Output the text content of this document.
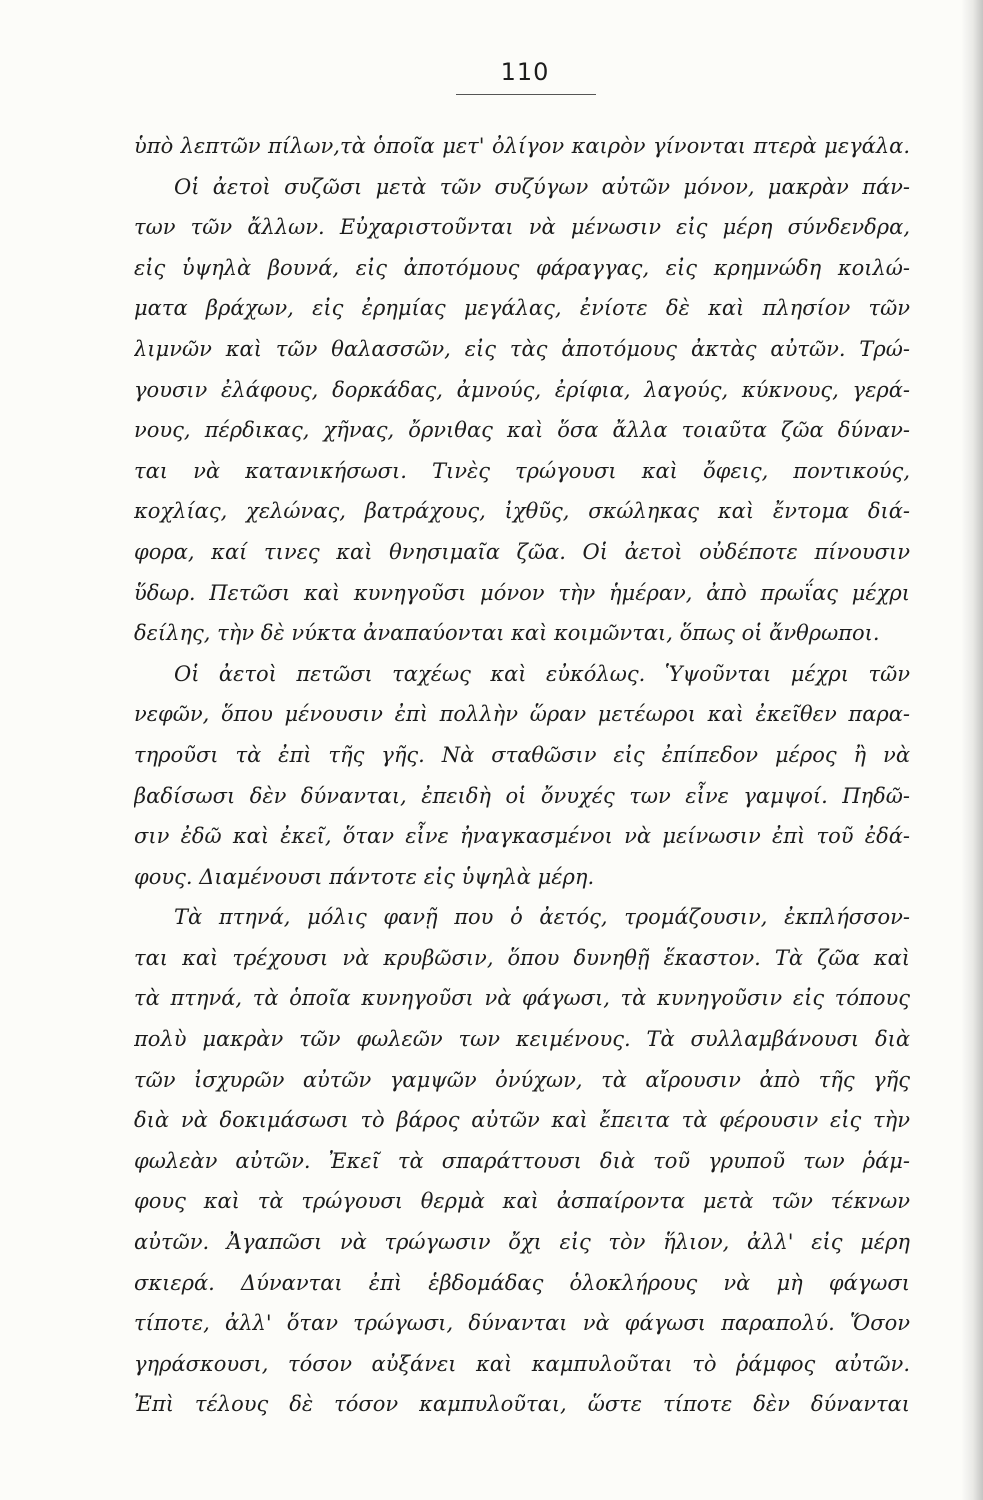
110
ὑπὸ λεπτῶν πίλων,τὰ ὁποῖα μετ' ὀλίγον καιρὸν γίνονται πτερὰ μεγάλα.
Οἱ ἀετοὶ συζῶσι μετὰ τῶν συζύγων αὐτῶν μόνον, μακρὰν πάν-
των τῶν ἄλλων. Εὐχαριστοῦνται νὰ μένωσιν εἰς μέρη σύνδενδρα,
εἰς ὑψηλὰ βουνά, εἰς ἀποτόμους φάραγγας, εἰς κρημνώδη κοιλώ-
ματα βράχων, εἰς ἐρημίας μεγάλας, ἐνίοτε δὲ καὶ πλησίον τῶν
λιμνῶν καὶ τῶν θαλασσῶν, εἰς τὰς ἀποτόμους ἀκτὰς αὐτῶν. Τρώ-
γουσιν ἐλάφους, δορκάδας, ἀμνούς, ἐρίφια, λαγούς, κύκνους, γερά-
νους, πέρδικας, χῆνας, ὄρνιθας καὶ ὅσα ἄλλα τοιαῦτα ζῶα δύναν-
ται νὰ κατανικήσωσι. Τινὲς τρώγουσι καὶ ὄφεις, ποντικούς,
κοχλίας, χελώνας, βατράχους, ἰχθῦς, σκώληκας καὶ ἔντομα διά-
φορα, καί τινες καὶ θνησιμαῖα ζῶα. Οἱ ἀετοὶ οὐδέποτε πίνουσιν
ὕδωρ. Πετῶσι καὶ κυνηγοῦσι μόνον τὴν ἡμέραν, ἀπὸ πρωΐας μέχρι
δείλης, τὴν δὲ νύκτα ἀναπαύονται καὶ κοιμῶνται, ὅπως οἱ ἄνθρωποι.
Οἱ ἀετοὶ πετῶσι ταχέως καὶ εὐκόλως. Ὑψοῦνται μέχρι τῶν
νεφῶν, ὅπου μένουσιν ἐπὶ πολλὴν ὥραν μετέωροι καὶ ἐκεῖθεν παρα-
τηροῦσι τὰ ἐπὶ τῆς γῆς. Νὰ σταθῶσιν εἰς ἐπίπεδον μέρος ἢ νὰ
βαδίσωσι δὲν δύνανται, ἐπειδὴ οἱ ὄνυχές των εἶνε γαμψοί. Πηδῶ-
σιν ἐδῶ καὶ ἐκεῖ, ὅταν εἶνε ἠναγκασμένοι νὰ μείνωσιν ἐπὶ τοῦ ἐδά-
φους. Διαμένουσι πάντοτε εἰς ὑψηλὰ μέρη.
Τὰ πτηνά, μόλις φανῇ που ὁ ἀετός, τρομάζουσιν, ἐκπλήσσον-
ται καὶ τρέχουσι νὰ κρυβῶσιν, ὅπου δυνηθῇ ἕκαστον. Τὰ ζῶα καὶ
τὰ πτηνά, τὰ ὁποῖα κυνηγοῦσι νὰ φάγωσι, τὰ κυνηγοῦσιν εἰς τόπους
πολὺ μακρὰν τῶν φωλεῶν των κειμένους. Τὰ συλλαμβάνουσι διὰ
τῶν ἰσχυρῶν αὐτῶν γαμψῶν ὀνύχων, τὰ αἴρουσιν ἀπὸ τῆς γῆς
διὰ νὰ δοκιμάσωσι τὸ βάρος αὐτῶν καὶ ἔπειτα τὰ φέρουσιν εἰς τὴν
φωλεὰν αὐτῶν. Ἐκεῖ τὰ σπαράττουσι διὰ τοῦ γρυποῦ των ῥάμ-
φους καὶ τὰ τρώγουσι θερμὰ καὶ ἀσπαίροντα μετὰ τῶν τέκνων
αὐτῶν. Ἀγαπῶσι νὰ τρώγωσιν ὄχι εἰς τὸν ἥλιον, ἀλλ' εἰς μέρη
σκιερά. Δύνανται ἐπὶ ἑβδομάδας ὁλοκλήρους νὰ μὴ φάγωσι
τίποτε, ἀλλ' ὅταν τρώγωσι, δύνανται νὰ φάγωσι παραπολύ. Ὅσον
γηράσκουσι, τόσον αὐξάνει καὶ καμπυλοῦται τὸ ῥάμφος αὐτῶν.
Ἐπὶ τέλους δὲ τόσον καμπυλοῦται, ὥστε τίποτε δὲν δύνανται
